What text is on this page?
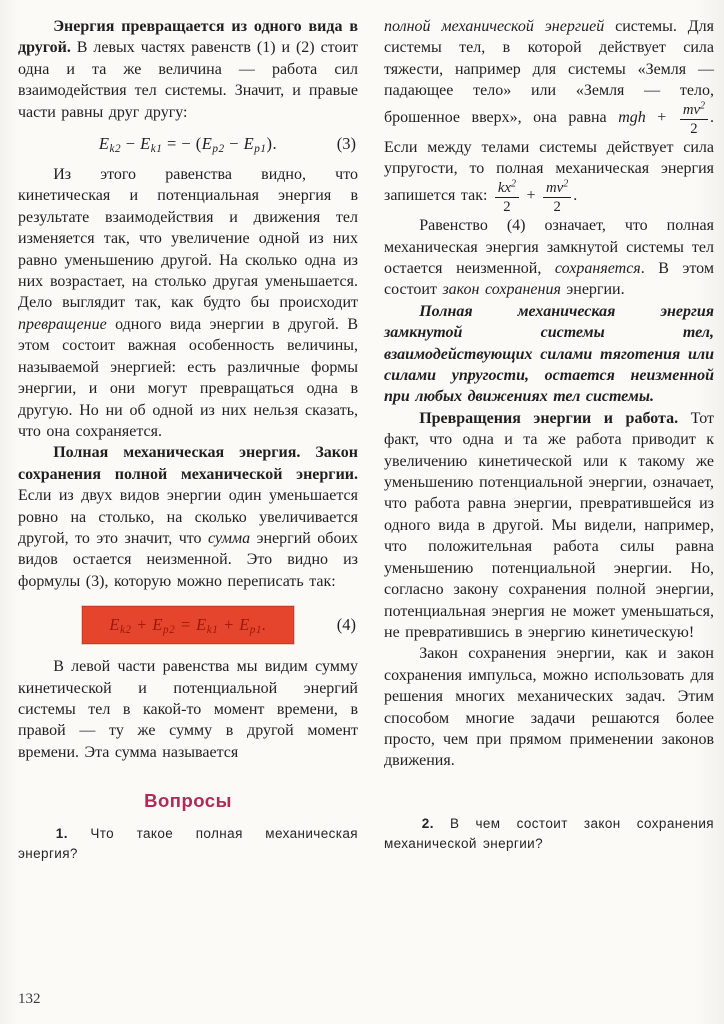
Энергия превращается из одного вида в другой. В левых частях равенств (1) и (2) стоит одна и та же величина — работа сил взаимодействия тел системы. Значит, и правые части равны друг другу:

$E_{k2} - E_{k1}$ = − $(E_{p2} - E_{p1})$.	(3)

Из этого равенства видно, что кинетическая и потенциальная энергия в результате взаимодействия и движения тел изменяется так, что увеличение одной из них равно уменьшению другой. На сколько одна из них возрастает, на столько другая уменьшается. Дело выглядит так, как будто бы происходит превращение одного вида энергии в другой. В этом состоит важная особенность величины, называемой энергией: есть различные формы энергии, и они могут превращаться одна в другую. Но ни об одной из них нельзя сказать, что она сохраняется.

Полная механическая энергия. Закон сохранения полной механической энергии. Если из двух видов энергии один уменьшается ровно на столько, на сколько увеличивается другой, то это значит, что сумма энергий обоих видов остается неизменной. Это видно из формулы (3), которую можно переписать так:

$E_{k2} + E_{p2} = E_{k1} + E_{p1}$.	(4)

В левой части равенства мы видим сумму кинетической и потенциальной энергий системы тел в какой-то момент времени, в правой — ту же сумму в другой момент времени. Эта сумма называется

Вопросы

1. Что такое полная механическая энергия?

полной механической энергией системы. Для системы тел, в которой действует сила тяжести, например для системы «Земля — падающее тело» или «Земля — тело, брошенное вверх», она равна mgh + $\frac{mv^2}{2}$ . Если между телами системы действует сила упругости, то полная механическая энергия запишется так: $\frac{kx^2}{2} + \frac{mv^2}{2}$ .

Равенство (4) означает, что полная механическая энергия замкнутой системы тел остается неизменной, сохраняется. В этом состоит закон сохранения энергии.

Полная механическая энергия замкнутой системы тел, взаимодействующих силами тяготения или силами упругости, остается неизменной при любых движениях тел системы.

Превращения энергии и работа. Тот факт, что одна и та же работа приводит к увеличению кинетической или к такому же уменьшению потенциальной энергии, означает, что работа равна энергии, превратившейся из одного вида в другой. Мы видели, например, что положительная работа силы равна уменьшению потенциальной энергии. Но, согласно закону сохранения полной энергии, потенциальная энергия не может уменьшаться, не превратившись в энергию кинетическую!

Закон сохранения энергии, как и закон сохранения импульса, можно использовать для решения многих механических задач. Этим способом многие задачи решаются более просто, чем при прямом применении законов движения.

2. В чем состоит закон сохранения механической энергии?

132
